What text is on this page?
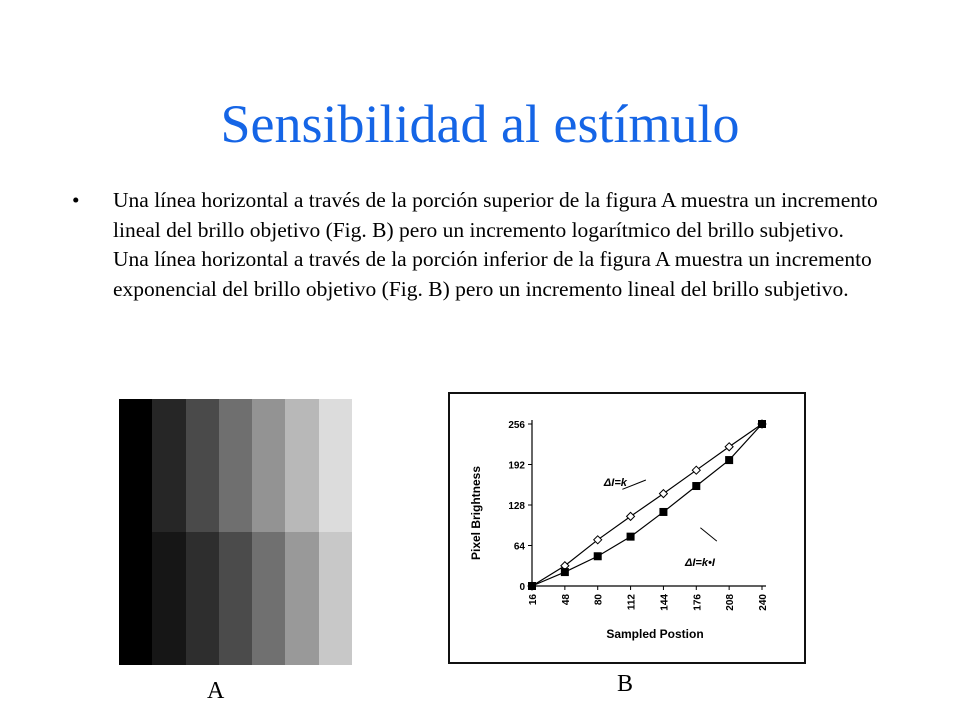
Sensibilidad al estímulo
• Una línea horizontal a través de la porción superior de la figura A muestra un incremento lineal del brillo objetivo (Fig. B) pero un incremento logarítmico del brillo subjetivo. Una línea horizontal a través de la porción inferior de la figura A muestra un incremento exponencial del brillo objetivo (Fig. B) pero un incremento lineal del brillo subjetivo.
0
64
128
192
256
16 48 80 112 144 176 208 240
Sampled Postion
Pixel Brightness	ΔI=k
ΔI=k•I
A	B
